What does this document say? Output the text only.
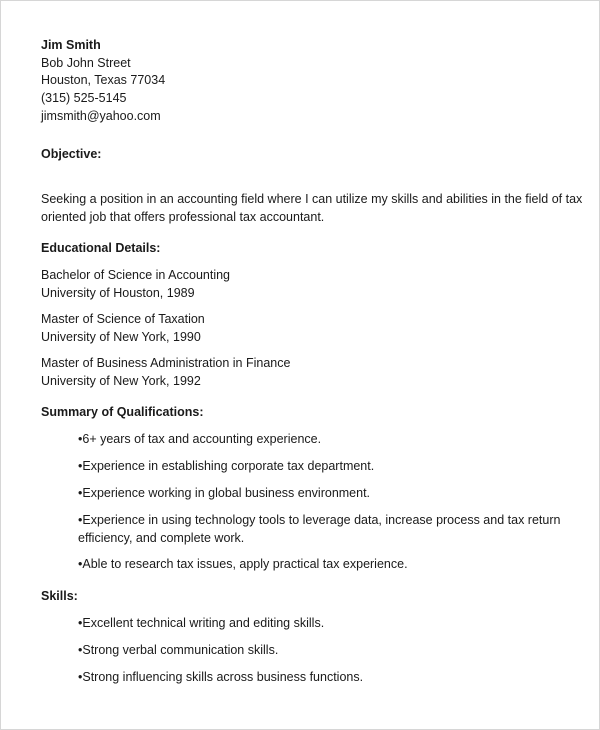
Jim Smith
Bob John Street
Houston, Texas 77034
(315) 525-5145
jimsmith@yahoo.com
Objective:
Seeking a position in an accounting field where I can utilize my skills and abilities in the field of tax
oriented job that offers professional tax accountant.
Educational Details:
Bachelor of Science in Accounting
University of Houston, 1989
Master of Science of Taxation
University of New York, 1990
Master of Business Administration in Finance
University of New York, 1992
Summary of Qualifications:
•6+ years of tax and accounting experience.
•Experience in establishing corporate tax department.
•Experience working in global business environment.
•Experience in using technology tools to leverage data, increase process and tax return
efficiency, and complete work.
•Able to research tax issues, apply practical tax experience.
Skills:
•Excellent technical writing and editing skills.
•Strong verbal communication skills.
•Strong influencing skills across business functions.
